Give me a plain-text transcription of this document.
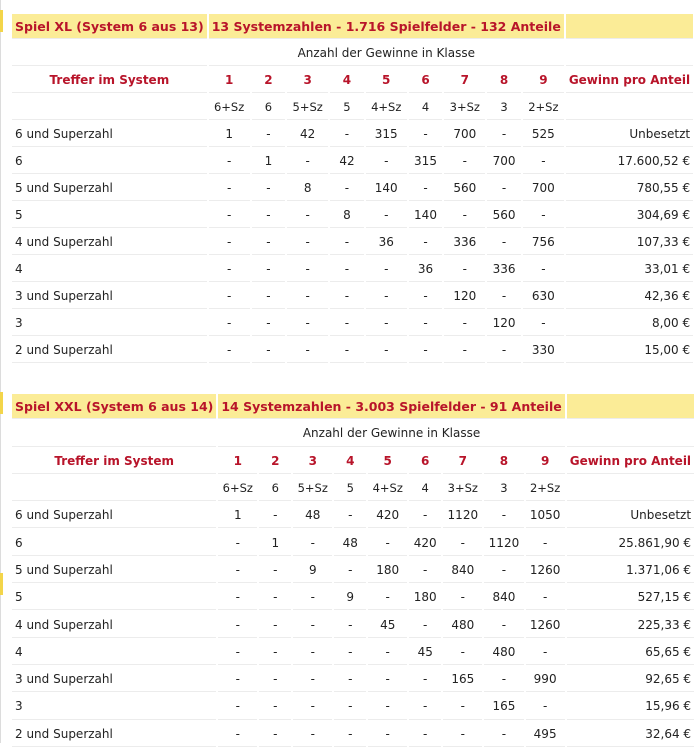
Spiel XL (System 6 aus 13)	13 Systemzahlen - 1.716 Spielfelder - 132 Anteile									
	Anzahl der Gewinne in Klasse									
Treffer im System	1	2	3	4	5	6	7	8	9	Gewinn pro Anteil
	6+Sz	6	5+Sz	5	4+Sz	4	3+Sz	3	2+Sz	
6 und Superzahl	1	-	42	-	315	-	700	-	525	Unbesetzt
6	-	1	-	42	-	315	-	700	-	17.600,52 €
5 und Superzahl	-	-	8	-	140	-	560	-	700	780,55 €
5	-	-	-	8	-	140	-	560	-	304,69 €
4 und Superzahl	-	-	-	-	36	-	336	-	756	107,33 €
4	-	-	-	-	-	36	-	336	-	33,01 €
3 und Superzahl	-	-	-	-	-	-	120	-	630	42,36 €
3	-	-	-	-	-	-	-	120	-	8,00 €
2 und Superzahl	-	-	-	-	-	-	-	-	330	15,00 €
Spiel XXL (System 6 aus 14)	14 Systemzahlen - 3.003 Spielfelder - 91 Anteile									
	Anzahl der Gewinne in Klasse									
Treffer im System	1	2	3	4	5	6	7	8	9	Gewinn pro Anteil
	6+Sz	6	5+Sz	5	4+Sz	4	3+Sz	3	2+Sz	
6 und Superzahl	1	-	48	-	420	-	1120	-	1050	Unbesetzt
6	-	1	-	48	-	420	-	1120	-	25.861,90 €
5 und Superzahl	-	-	9	-	180	-	840	-	1260	1.371,06 €
5	-	-	-	9	-	180	-	840	-	527,15 €
4 und Superzahl	-	-	-	-	45	-	480	-	1260	225,33 €
4	-	-	-	-	-	45	-	480	-	65,65 €
3 und Superzahl	-	-	-	-	-	-	165	-	990	92,65 €
3	-	-	-	-	-	-	-	165	-	15,96 €
2 und Superzahl	-	-	-	-	-	-	-	-	495	32,64 €
